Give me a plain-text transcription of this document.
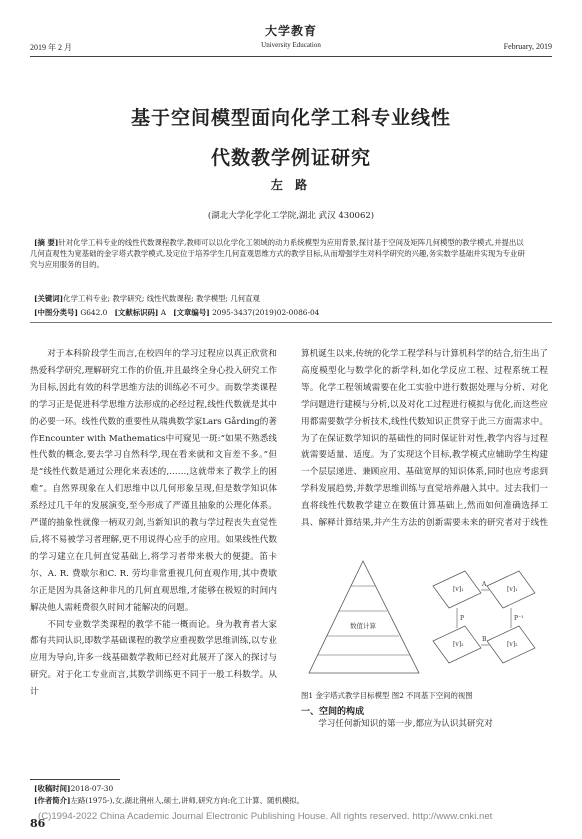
大学教育
University Education
2019 年 2 月	February, 2019
基于空间模型面向化学工科专业线性
代数教学例证研究
左 路
(湖北大学化学化工学院,湖北 武汉 430062)
[摘 要]针对化学工科专业的线性代数课程教学,教师可以以化学化工领域的动力系统模型为应用背景,探讨基于空间及矩阵几何模型的教学模式,并提出以几何直观性为宽基础的金字塔式教学模式,及定位于培养学生几何直观思维方式的教学目标,从而增强学生对科学研究的兴趣,务实数学基础并实现为专业研究与应用服务的目的。
[关键词]化学工科专业; 教学研究; 线性代数课程; 教学模型; 几何直观
[中图分类号] G642.0 [文献标识码] A [文章编号] 2095-3437(2019)02-0086-04

对于本科阶段学生而言,在校四年的学习过程应以真正欣赏和热爱科学研究,理解研究工作的价值,并且最终全身心投入研究工作为目标,因此有效的科学思维方法的训练必不可少。而数学类课程的学习正是促进科学思维方法形成的必经过程,线性代数就是其中的必要一环。线性代数的重要性从瑞典数学家Lars Gårding的著作Encounter with Mathematics中可窥见一斑:“如果不熟悉线性代数的概念,要去学习自然科学,现在看来就和文盲差不多。”但是“线性代数是通过公理化来表述的,……,这就带来了教学上的困难”。自然界现象在人们思维中以几何形象呈现,但是数学知识体系经过几千年的发展演变,至今形成了严谨且抽象的公理化体系。严谨的抽象性就像一柄双刃剑,当新知识的教与学过程丧失直觉性后,将不易被学习者理解,更不用说得心应手的应用。如果线性代数的学习建立在几何直觉基础上,将学习者带来极大的便捷。笛卡尔、A. R. 费歇尔和C. R. 劳均非常重视几何直观作用,其中费歇尔正是因为具备这种非凡的几何直观思维,才能够在极短的时间内解决他人需耗费很久时间才能解决的问题。

不同专业数学类课程的教学不能一概而论。身为教育者大家都有共同认识,即数学基础课程的教学应重视数学思维训练,以专业应用为导向,许多一线基础数学教师已经对此展开了深入的探讨与研究。对于化工专业而言,其数学训练更不同于一般工科数学。从计

算机诞生以来,传统的化学工程学科与计算机科学的结合,衍生出了高度模型化与数学化的新学科,如化学反应工程、过程系统工程等。化学工程领域需要在化工实验中进行数据处理与分析、对化学问题进行建模与分析,以及对化工过程进行模拟与优化,而这些应用都需要数学分析技术,线性代数知识正贯穿于此三方面需求中。为了在保证数学知识的基础性的同时保证针对性,教学内容与过程就需要适量、适度。为了实现这个目标,教学模式应辅助学生构建一个层层递进、兼顾应用、基础宽厚的知识体系,同时也应考虑到学科发展趋势,并数学思维训练与直觉培养融入其中。过去我们一直将线性代数教学建立在数值计算基础上,然而如何准确选择工具、解释计算结果,并产生方法的创新需要未来的研究者对于线性

数值计算
[v]₁	[v]₁
[v]₂	[v]₂
A
P	P⁻¹
B
图1 金字塔式教学目标模型 图2 不同基下空间的视图
一、空间的构成
学习任何新知识的第一步,都应为认识其研究对
[收稿时间]2018-07-30
[作者简介]左路(1975-),女,湖北荆州人,硕士,讲师,研究方向:化工计算、随机模拟。
86
(C)1994-2022 China Academic Journal Electronic Publishing House. All rights reserved. http://www.cnki.net
